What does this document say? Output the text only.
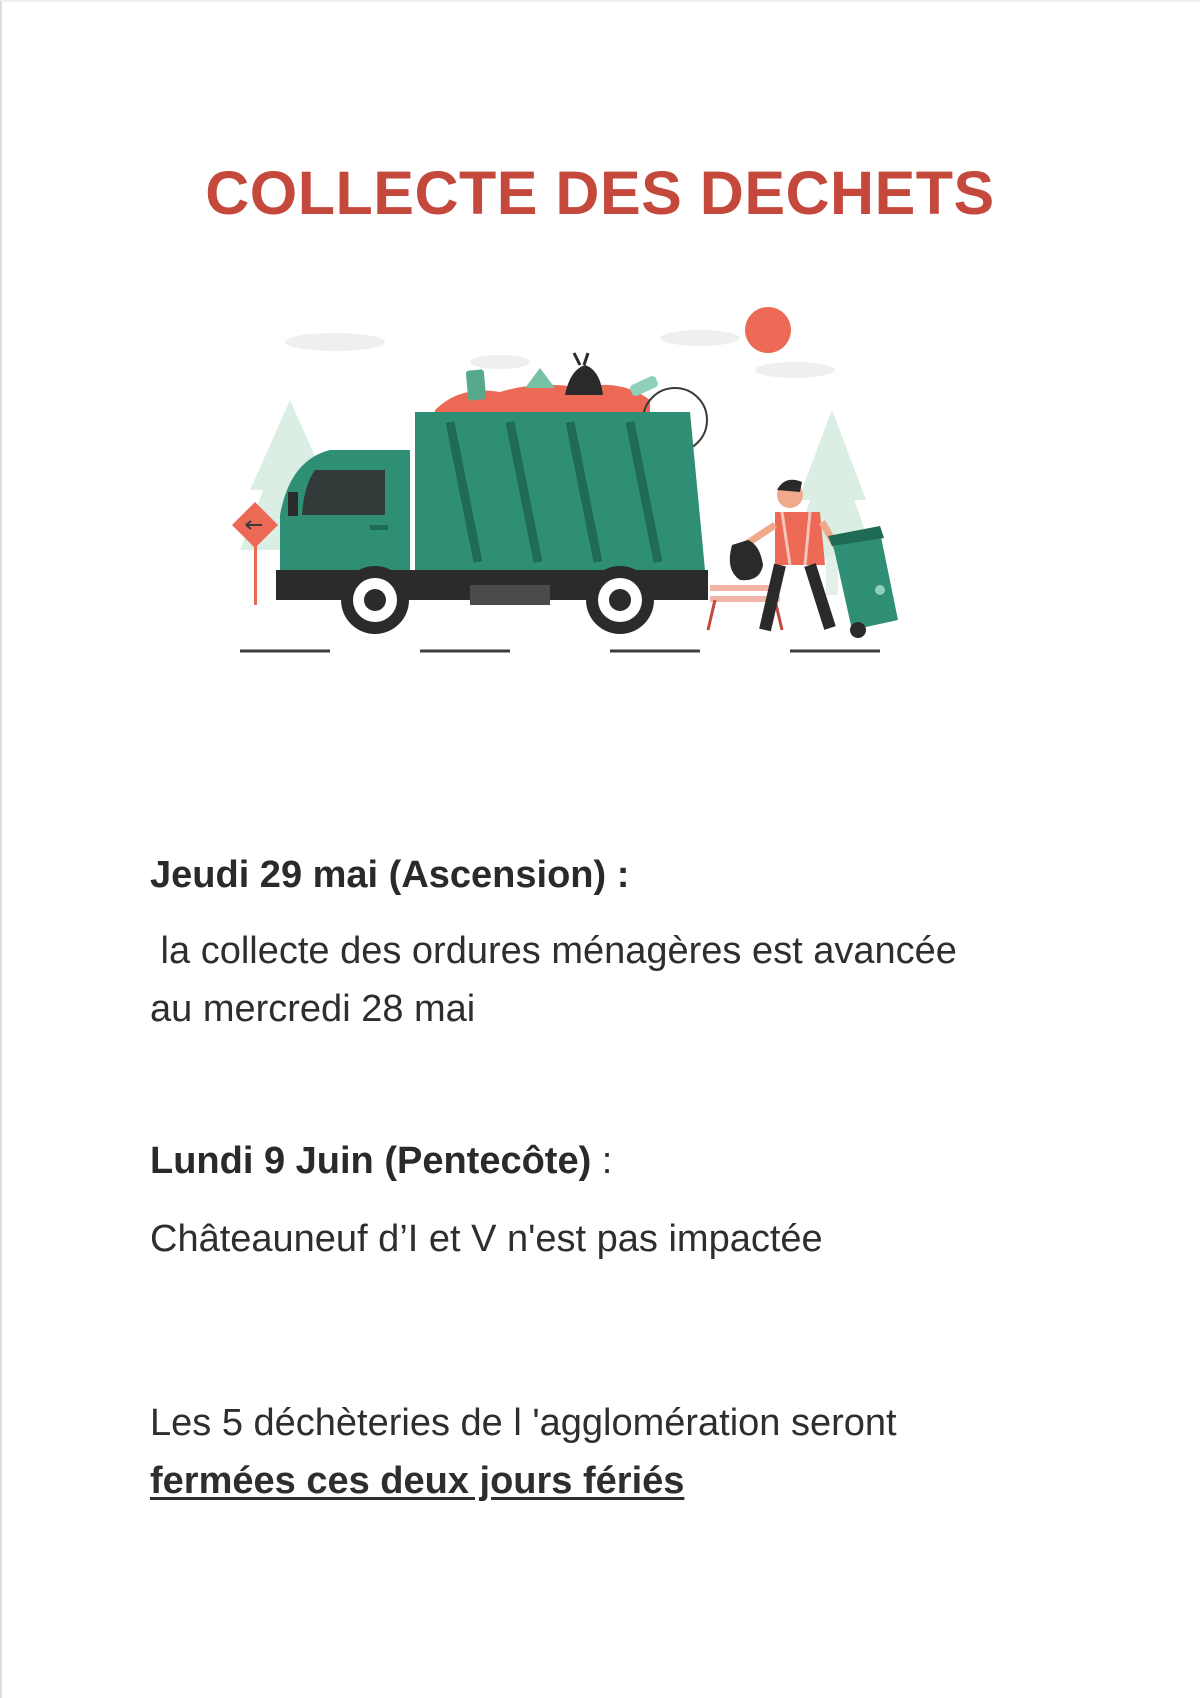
COLLECTE DES DECHETS

Jeudi 29 mai (Ascension) :

la collecte des ordures ménagères est avancée

au mercredi 28 mai

Lundi 9 Juin (Pentecôte) :

Châteauneuf d’I et V n'est pas impactée

Les 5 déchèteries de l 'agglomération seront

fermées ces deux jours fériés
